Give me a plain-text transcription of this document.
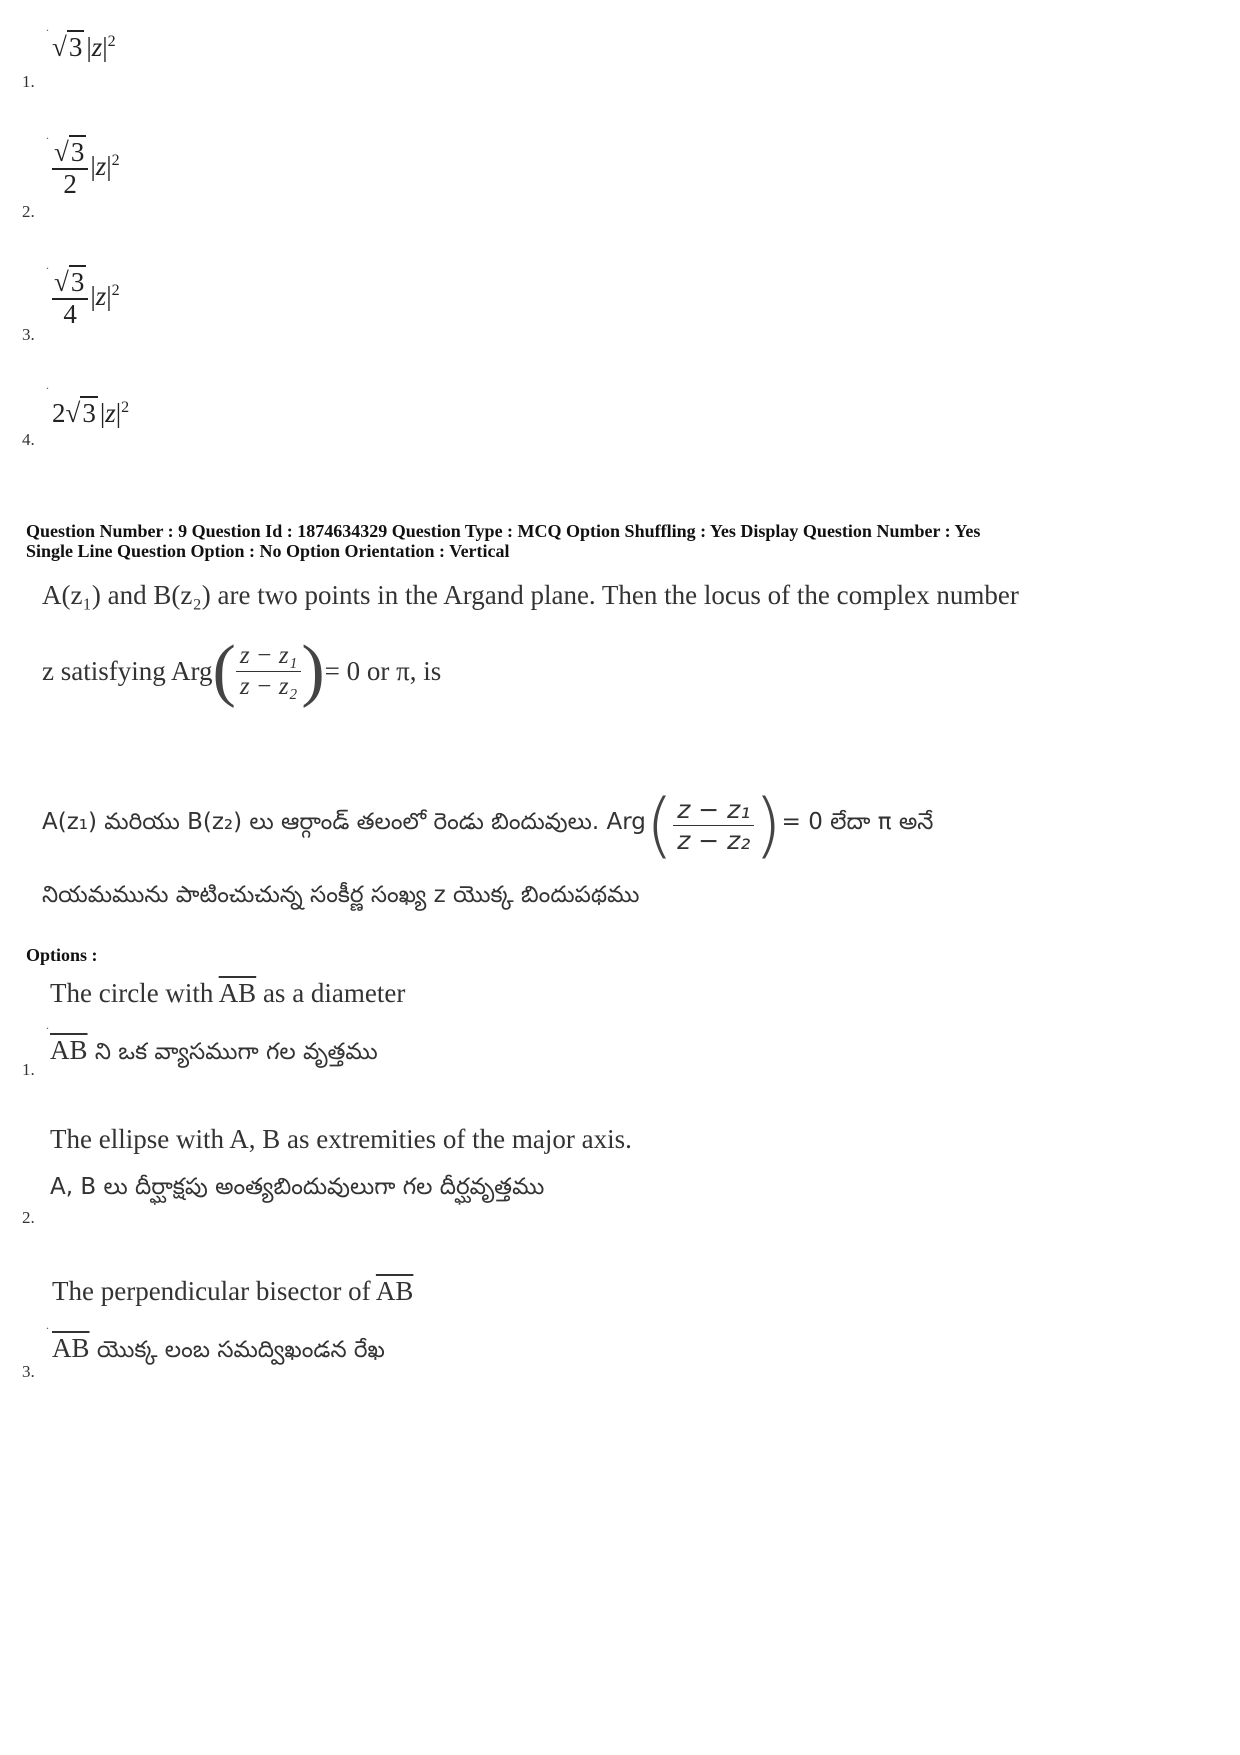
.
√3 $|z|^2$
1.
.
$\frac{√3}{2} |z|^2$
2.
.
$\frac{√3}{4} |z|^2$
3.
.
2√3 $|z|^2$
4.
Question Number : 9 Question Id : 1874634329 Question Type : MCQ Option Shuffling : Yes Display Question Number : Yes
Single Line Question Option : No Option Orientation : Vertical
A(z₁) and B(z₂) are two points in the Argand plane. Then the locus of the complex number
z satisfying Arg ( $\frac{\text{z − z₁}}{\text{z − z₂}}$ ) = 0 or π, is
A(z₁) మరియు B(z₂) లు ఆర్గాండ్ తలంలో రెండు బిందువులు. Arg ( $\frac{\text{z − z₁}}{\text{z − z₂}}$ ) = 0 లేదా π అనే
నియమమును పాటించుచున్న సంకీర్ణ సంఖ్య z యొక్క బిందుపథము
Options :
The circle with $\overline{AB}$ as a diameter
.
$\overline{AB}$ ని ఒక వ్యాసముగా గల వృత్తము
1.
The ellipse with A, B as extremities of the major axis.
A, B లు దీర్ఘాక్షపు అంత్యబిందువులుగా గల దీర్ఘవృత్తము
2.
The perpendicular bisector of $\overline{AB}$
.
$\overline{AB}$ యొక్క లంబ సమద్విఖండన రేఖ
3.
